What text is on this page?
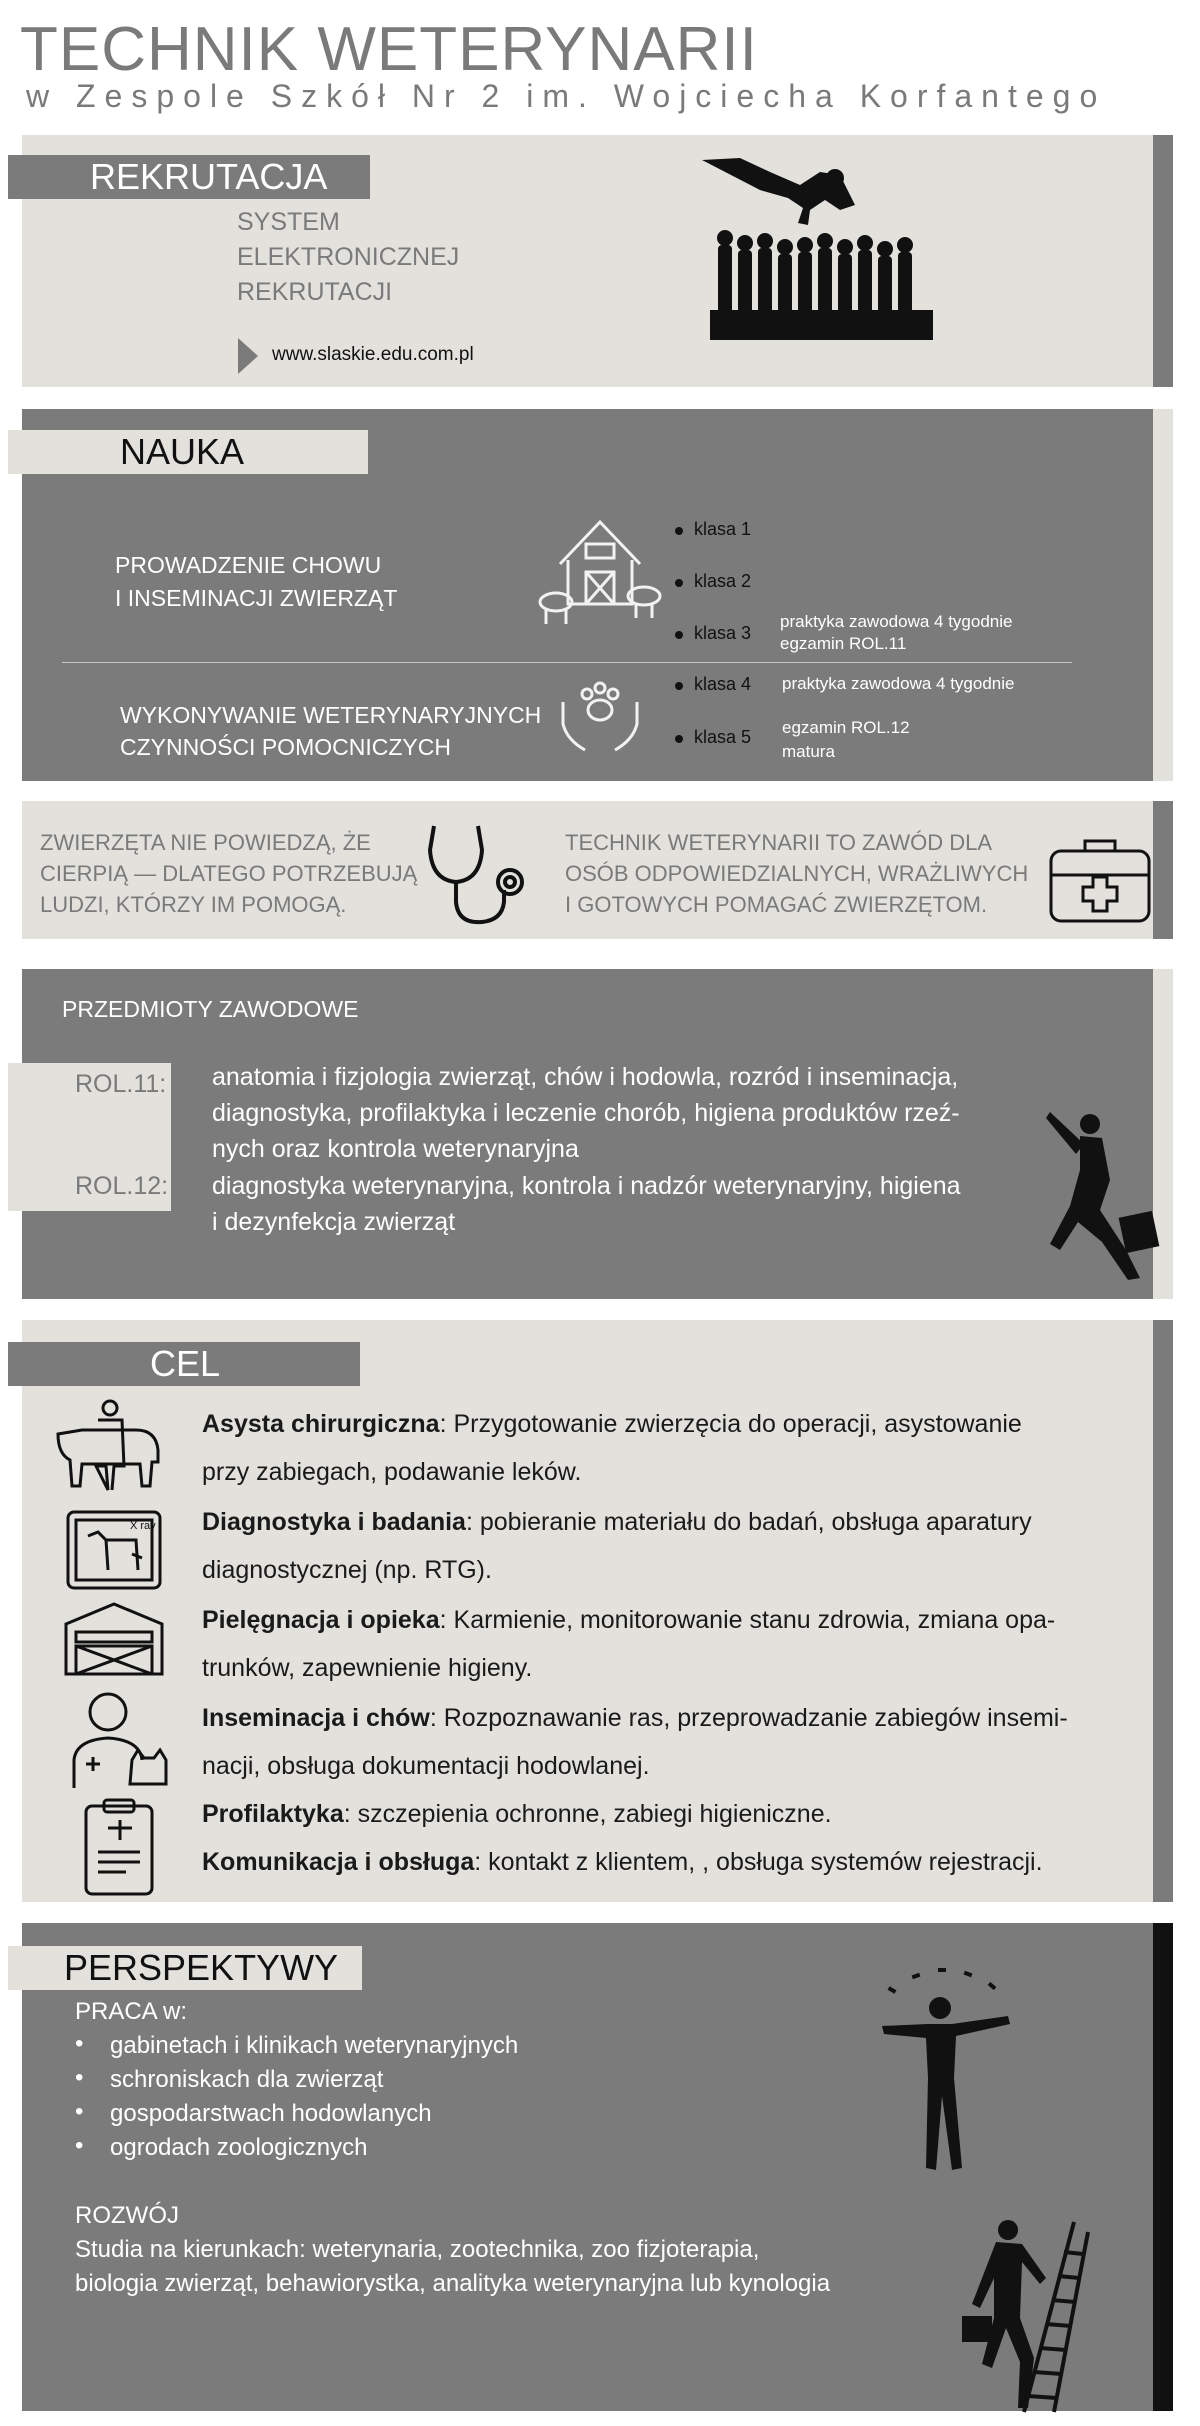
TECHNIK WETERYNARII
w Zespole Szkół Nr 2 im. Wojciecha Korfantego
REKRUTACJA
SYSTEM
ELEKTRONICZNEJ
REKRUTACJI
www.slaskie.edu.com.pl
NAUKA
PROWADZENIE CHOWU
I INSEMINACJI ZWIERZĄT
WYKONYWANIE WETERYNARYJNYCH
CZYNNOŚCI POMOCNICZYCH
klasa 1
klasa 2
klasa 3
praktyka zawodowa 4 tygodnie
egzamin ROL.11
klasa 4 praktyka zawodowa 4 tygodnie
klasa 5 egzamin ROL.12
matura
ZWIERZĘTA NIE POWIEDZĄ, ŻE
CIERPIĄ — DLATEGO POTRZEBUJĄ
LUDZI, KTÓRZY IM POMOGĄ.
TECHNIK WETERYNARII TO ZAWÓD DLA
OSÓB ODPOWIEDZIALNYCH, WRAŻLIWYCH
I GOTOWYCH POMAGAĆ ZWIERZĘTOM.
PRZEDMIOTY ZAWODOWE
ROL.11: anatomia i fizjologia zwierząt, chów i hodowla, rozród i inseminacja,
diagnostyka, profilaktyka i leczenie chorób, higiena produktów rzeź-
nych oraz kontrola weterynaryjna
ROL.12: diagnostyka weterynaryjna, kontrola i nadzór weterynaryjny, higiena
i dezynfekcja zwierząt
CEL
X ray
Asysta chirurgiczna: Przygotowanie zwierzęcia do operacji, asystowanie
przy zabiegach, podawanie leków.
Diagnostyka i badania: pobieranie materiału do badań, obsługa aparatury
diagnostycznej (np. RTG).
Pielęgnacja i opieka: Karmienie, monitorowanie stanu zdrowia, zmiana opa-
trunków, zapewnienie higieny.
Inseminacja i chów: Rozpoznawanie ras, przeprowadzanie zabiegów insemi-
nacji, obsługa dokumentacji hodowlanej.
Profilaktyka: szczepienia ochronne, zabiegi higieniczne.
Komunikacja i obsługa: kontakt z klientem, , obsługa systemów rejestracji.
PERSPEKTYWY
PRACA w:
• gabinetach i klinikach weterynaryjnych
• schroniskach dla zwierząt
• gospodarstwach hodowlanych
• ogrodach zoologicznych
ROZWÓJ
Studia na kierunkach: weterynaria, zootechnika, zoo fizjoterapia,
biologia zwierząt, behawiorystka, analityka weterynaryjna lub kynologia
